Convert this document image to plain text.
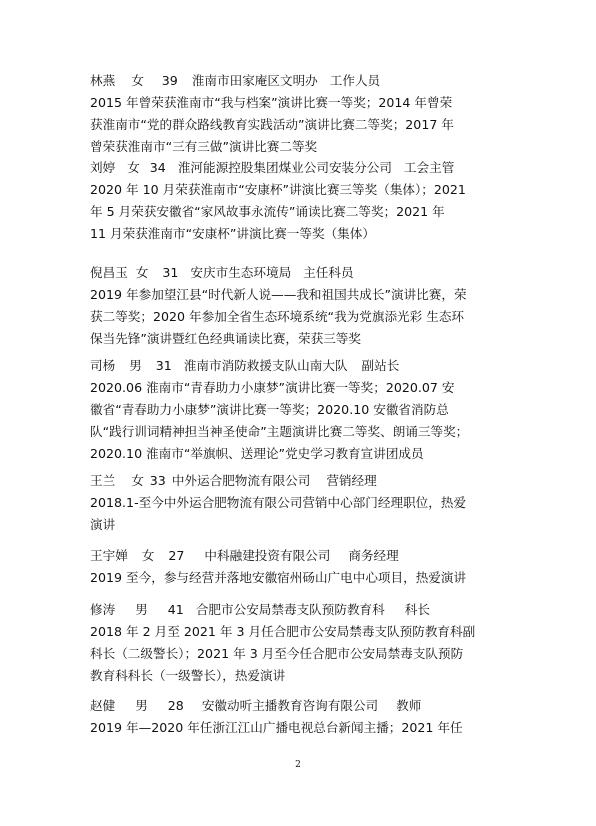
林燕 女 39 淮南市田家庵区文明办 工作人员
2015 年曾荣获淮南市“我与档案”演讲比赛一等奖；2014 年曾荣
获淮南市“党的群众路线教育实践活动”演讲比赛二等奖；2017 年
曾荣获淮南市“三有三做”演讲比赛二等奖
刘婷 女 34 淮河能源控股集团煤业公司安装分公司 工会主管
2020 年 10 月荣获淮南市“安康杯”讲演比赛三等奖（集体）；2021
年 5 月荣获安徽省“家风故事永流传”诵读比赛二等奖；2021 年
11 月荣获淮南市“安康杯”讲演比赛一等奖（集体）
倪昌玉 女 31 安庆市生态环境局 主任科员
2019 年参加望江县“时代新人说——我和祖国共成长”演讲比赛，荣
获二等奖；2020 年参加全省生态环境系统“我为党旗添光彩 生态环
保当先锋”演讲暨红色经典诵读比赛，荣获三等奖
司杨 男 31 淮南市消防救援支队山南大队 副站长
2020.06 淮南市“青春助力小康梦”演讲比赛一等奖；2020.07 安
徽省“青春助力小康梦”演讲比赛一等奖；2020.10 安徽省消防总
队“践行训词精神担当神圣使命”主题演讲比赛二等奖、朗诵三等奖；
2020.10 淮南市“举旗帜、送理论”党史学习教育宣讲团成员
王兰 女 33 中外运合肥物流有限公司 营销经理
2018.1-至今中外运合肥物流有限公司营销中心部门经理职位，热爱
演讲
王宇婵 女 27 中科融建投资有限公司 商务经理
2019 至今，参与经营并落地安徽宿州砀山广电中心项目，热爱演讲
修涛 男 41 合肥市公安局禁毒支队预防教育科 科长
2018 年 2 月至 2021 年 3 月任合肥市公安局禁毒支队预防教育科副
科长（二级警长）；2021 年 3 月至今任合肥市公安局禁毒支队预防
教育科科长（一级警长），热爱演讲
赵健 男 28 安徽动听主播教育咨询有限公司 教师
2019 年—2020 年任浙江江山广播电视总台新闻主播；2021 年任
2
